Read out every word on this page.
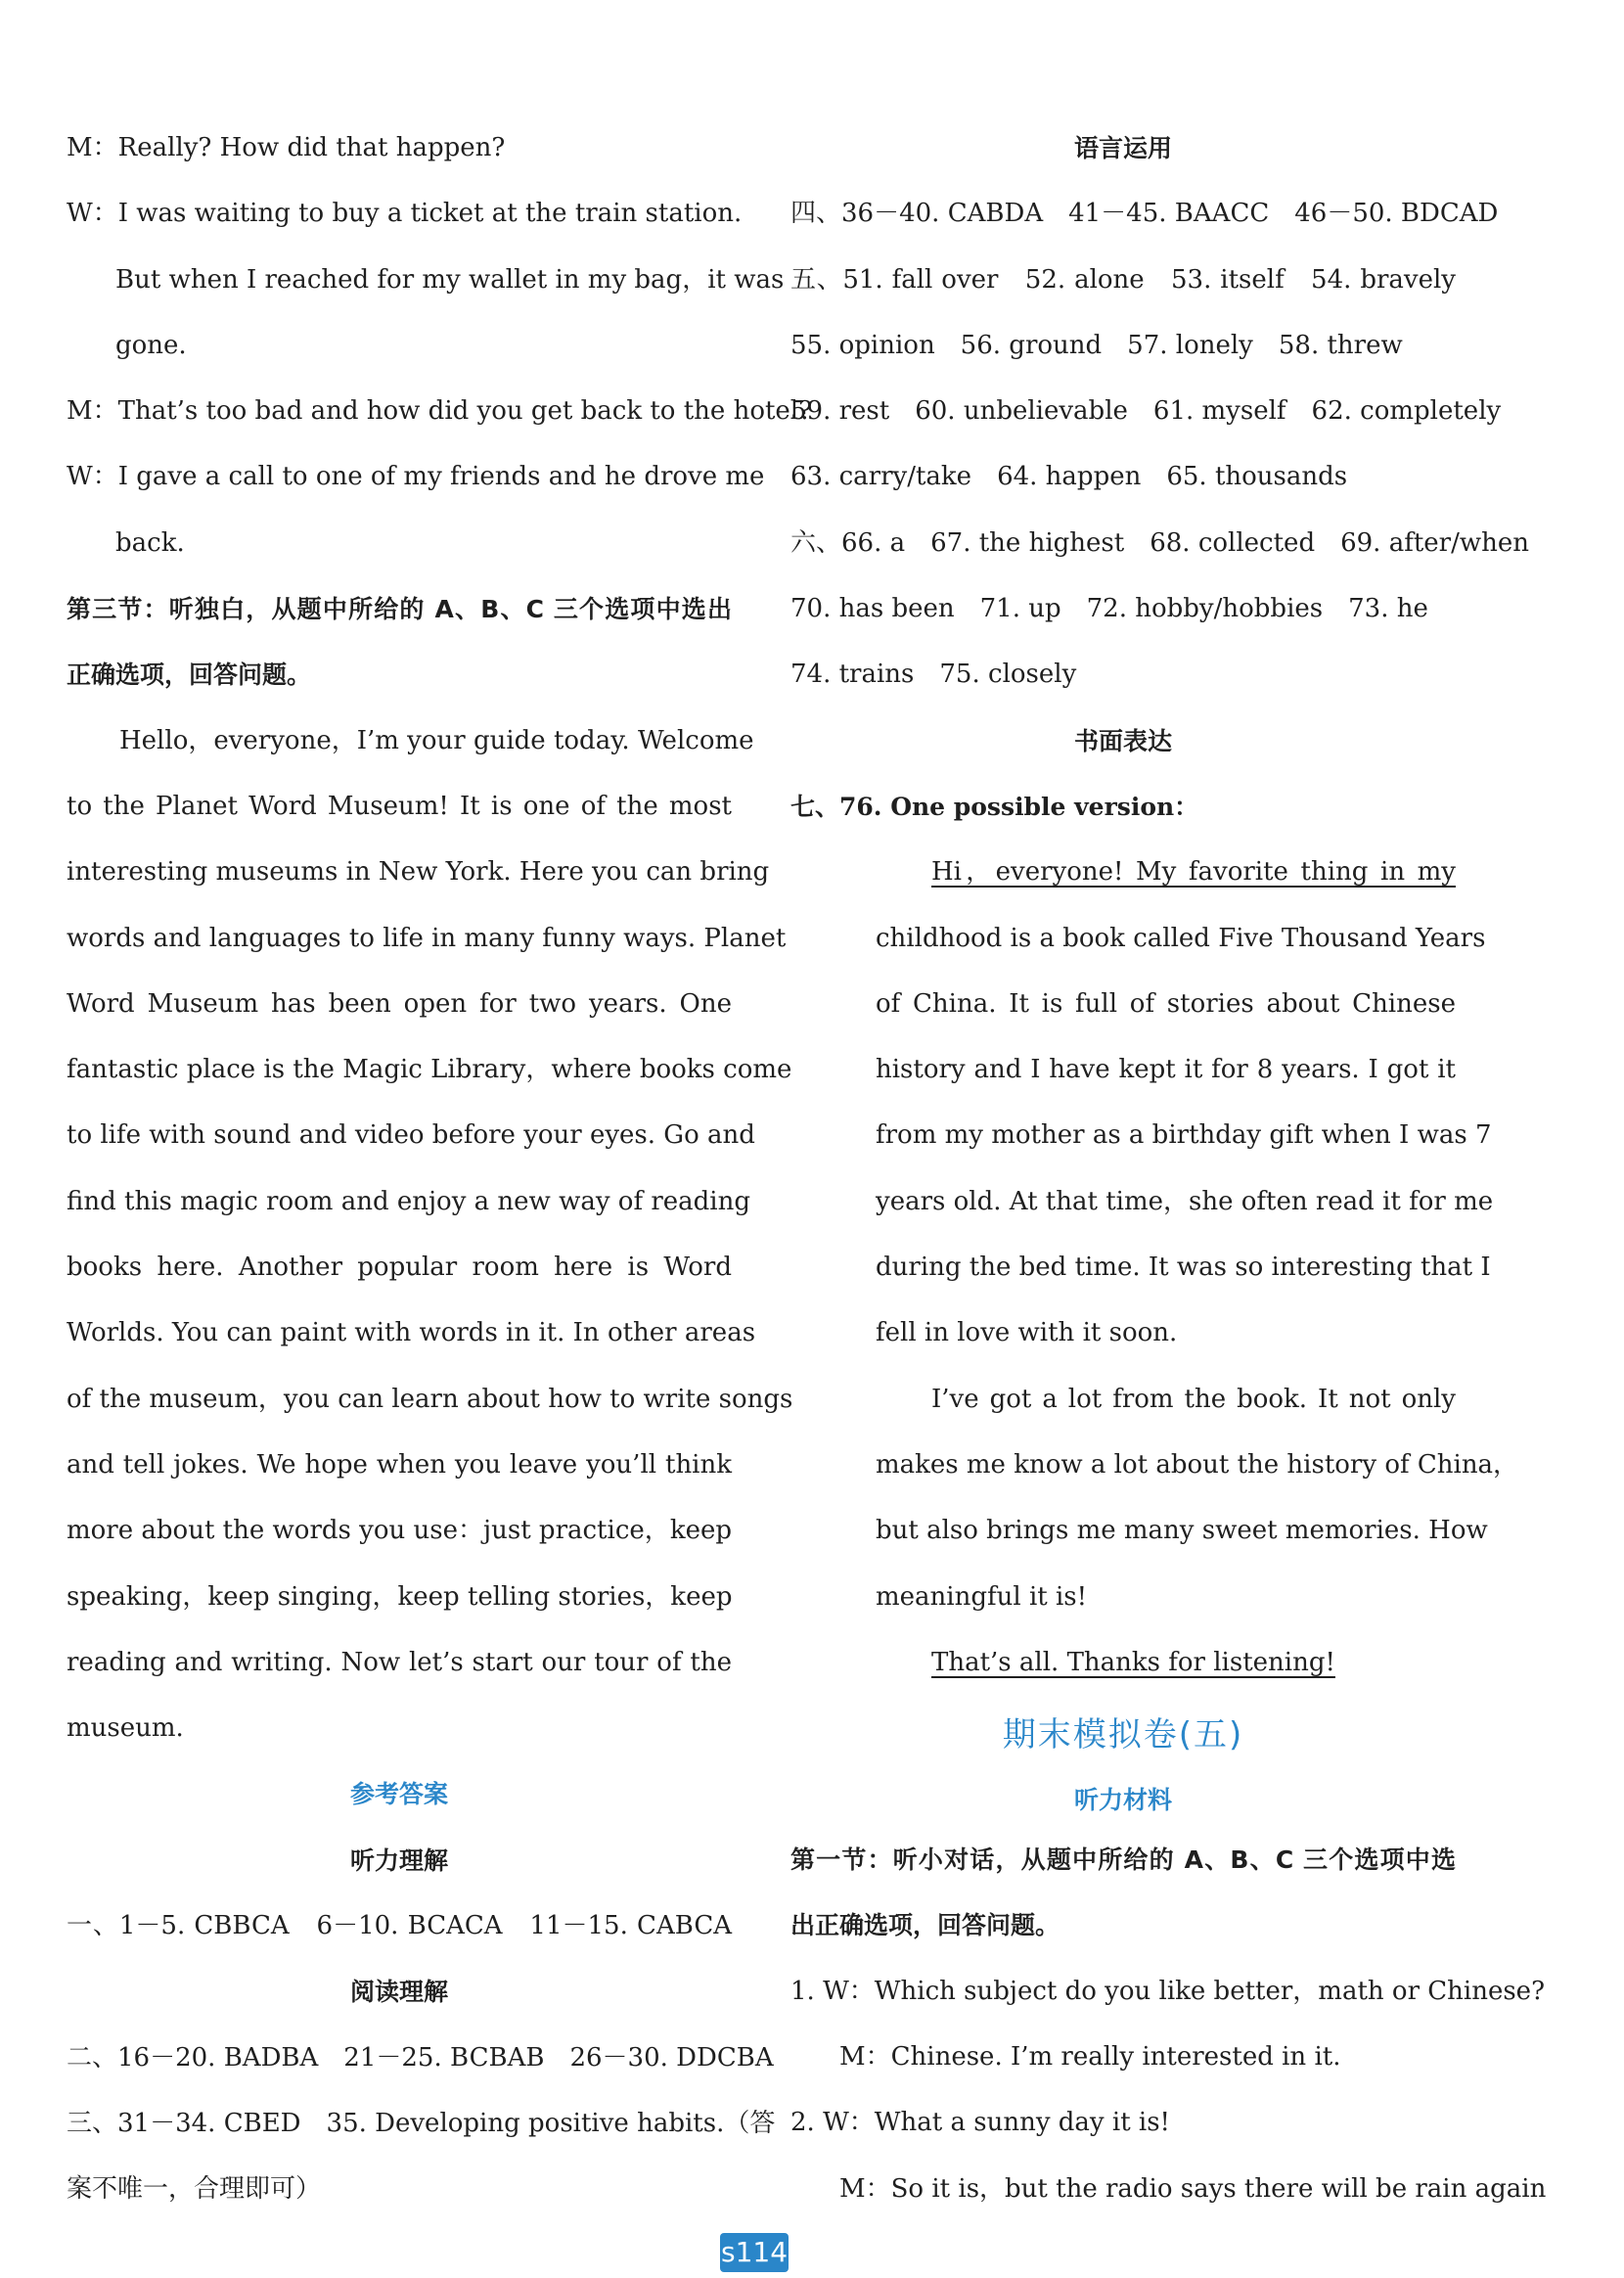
M：Really? How did that happen?
W：I was waiting to buy a ticket at the train station.
But when I reached for my wallet in my bag，it was
gone.
M：That’s too bad and how did you get back to the hotel?
W：I gave a call to one of my friends and he drove me
back.
第三节：听独白，从题中所给的 A、B、C 三个选项中选出
正确选项，回答问题。
Hello，everyone，I’m your guide today. Welcome
to the Planet Word Museum! It is one of the most
interesting museums in New York. Here you can bring
words and languages to life in many funny ways. Planet
Word Museum has been open for two years. One
fantastic place is the Magic Library，where books come
to life with sound and video before your eyes. Go and
find this magic room and enjoy a new way of reading
books here. Another popular room here is Word
Worlds. You can paint with words in it. In other areas
of the museum，you can learn about how to write songs
and tell jokes. We hope when you leave you’ll think
more about the words you use：just practice，keep
speaking，keep singing，keep telling stories，keep
reading and writing. Now let’s start our tour of the
museum.
参考答案
听力理解
一、1－5. CBBCA　6－10. BCACA　11－15. CABCA
阅读理解
二、16－20. BADBA　21－25. BCBAB　26－30. DDCBA
三、31－34. CBED　35. Developing positive habits.（答
案不唯一，合理即可）
语言运用
四、36－40. CABDA　41－45. BAACC　46－50. BDCAD
五、51. fall over　52. alone　53. itself　54. bravely
55. opinion　56. ground　57. lonely　58. threw
59. rest　60. unbelievable　61. myself　62. completely
63. carry/take　64. happen　65. thousands
六、66. a　67. the highest　68. collected　69. after/when
70. has been　71. up　72. hobby/hobbies　73. he
74. trains　75. closely
书面表达
七、76. One possible version：
Hi，everyone! My favorite thing in my
childhood is a book called Five Thousand Years
of China. It is full of stories about Chinese
history and I have kept it for 8 years. I got it
from my mother as a birthday gift when I was 7
years old. At that time，she often read it for me
during the bed time. It was so interesting that I
fell in love with it soon.
I’ve got a lot from the book. It not only
makes me know a lot about the history of China，
but also brings me many sweet memories. How
meaningful it is!
That’s all. Thanks for listening!
期末模拟卷(五)
听力材料
第一节：听小对话，从题中所给的 A、B、C 三个选项中选
出正确选项，回答问题。
1. W：Which subject do you like better，math or Chinese?
M：Chinese. I’m really interested in it.
2. W：What a sunny day it is!
M：So it is，but the radio says there will be rain again
s114
